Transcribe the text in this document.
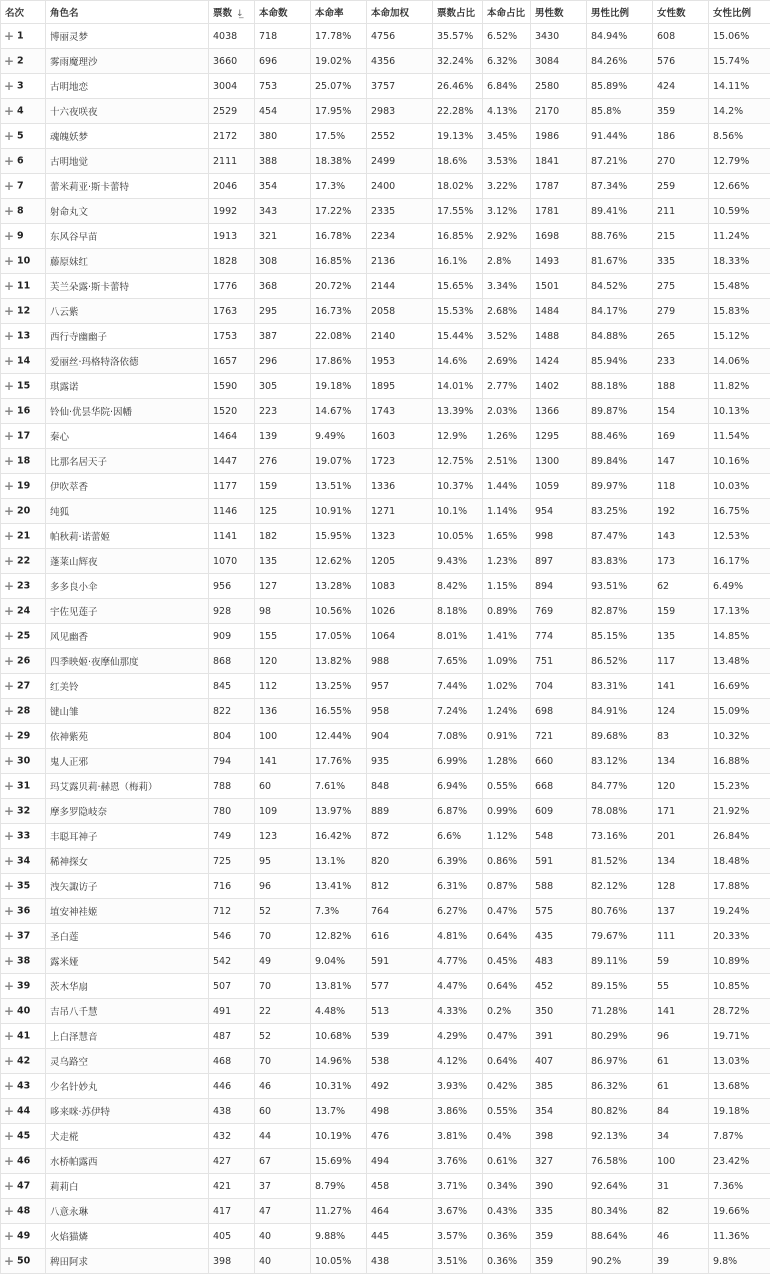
名次	角色名	票数 ↓̲	本命数	本命率	本命加权	票数占比	本命占比	男性数	男性比例	女性数	女性比例
+ 1	博丽灵梦	4038	718	17.78%	4756	35.57%	6.52%	3430	84.94%	608	15.06%
+ 2	雾雨魔理沙	3660	696	19.02%	4356	32.24%	6.32%	3084	84.26%	576	15.74%
+ 3	古明地恋	3004	753	25.07%	3757	26.46%	6.84%	2580	85.89%	424	14.11%
+ 4	十六夜咲夜	2529	454	17.95%	2983	22.28%	4.13%	2170	85.8%	359	14.2%
+ 5	魂魄妖梦	2172	380	17.5%	2552	19.13%	3.45%	1986	91.44%	186	8.56%
+ 6	古明地觉	2111	388	18.38%	2499	18.6%	3.53%	1841	87.21%	270	12.79%
+ 7	蕾米莉亚·斯卡蕾特	2046	354	17.3%	2400	18.02%	3.22%	1787	87.34%	259	12.66%
+ 8	射命丸文	1992	343	17.22%	2335	17.55%	3.12%	1781	89.41%	211	10.59%
+ 9	东风谷早苗	1913	321	16.78%	2234	16.85%	2.92%	1698	88.76%	215	11.24%
+ 10	藤原妹红	1828	308	16.85%	2136	16.1%	2.8%	1493	81.67%	335	18.33%
+ 11	芙兰朵露·斯卡蕾特	1776	368	20.72%	2144	15.65%	3.34%	1501	84.52%	275	15.48%
+ 12	八云紫	1763	295	16.73%	2058	15.53%	2.68%	1484	84.17%	279	15.83%
+ 13	西行寺幽幽子	1753	387	22.08%	2140	15.44%	3.52%	1488	84.88%	265	15.12%
+ 14	爱丽丝·玛格特洛依德	1657	296	17.86%	1953	14.6%	2.69%	1424	85.94%	233	14.06%
+ 15	琪露诺	1590	305	19.18%	1895	14.01%	2.77%	1402	88.18%	188	11.82%
+ 16	铃仙·优昙华院·因幡	1520	223	14.67%	1743	13.39%	2.03%	1366	89.87%	154	10.13%
+ 17	秦心	1464	139	9.49%	1603	12.9%	1.26%	1295	88.46%	169	11.54%
+ 18	比那名居天子	1447	276	19.07%	1723	12.75%	2.51%	1300	89.84%	147	10.16%
+ 19	伊吹萃香	1177	159	13.51%	1336	10.37%	1.44%	1059	89.97%	118	10.03%
+ 20	纯狐	1146	125	10.91%	1271	10.1%	1.14%	954	83.25%	192	16.75%
+ 21	帕秋莉·诺蕾姬	1141	182	15.95%	1323	10.05%	1.65%	998	87.47%	143	12.53%
+ 22	蓬莱山辉夜	1070	135	12.62%	1205	9.43%	1.23%	897	83.83%	173	16.17%
+ 23	多多良小伞	956	127	13.28%	1083	8.42%	1.15%	894	93.51%	62	6.49%
+ 24	宇佐见莲子	928	98	10.56%	1026	8.18%	0.89%	769	82.87%	159	17.13%
+ 25	风见幽香	909	155	17.05%	1064	8.01%	1.41%	774	85.15%	135	14.85%
+ 26	四季映姬·夜摩仙那度	868	120	13.82%	988	7.65%	1.09%	751	86.52%	117	13.48%
+ 27	红美铃	845	112	13.25%	957	7.44%	1.02%	704	83.31%	141	16.69%
+ 28	键山雏	822	136	16.55%	958	7.24%	1.24%	698	84.91%	124	15.09%
+ 29	依神紫苑	804	100	12.44%	904	7.08%	0.91%	721	89.68%	83	10.32%
+ 30	鬼人正邪	794	141	17.76%	935	6.99%	1.28%	660	83.12%	134	16.88%
+ 31	玛艾露贝莉·赫恩（梅莉）	788	60	7.61%	848	6.94%	0.55%	668	84.77%	120	15.23%
+ 32	摩多罗隐岐奈	780	109	13.97%	889	6.87%	0.99%	609	78.08%	171	21.92%
+ 33	丰聪耳神子	749	123	16.42%	872	6.6%	1.12%	548	73.16%	201	26.84%
+ 34	稀神探女	725	95	13.1%	820	6.39%	0.86%	591	81.52%	134	18.48%
+ 35	洩矢諏访子	716	96	13.41%	812	6.31%	0.87%	588	82.12%	128	17.88%
+ 36	埴安神袿姬	712	52	7.3%	764	6.27%	0.47%	575	80.76%	137	19.24%
+ 37	圣白莲	546	70	12.82%	616	4.81%	0.64%	435	79.67%	111	20.33%
+ 38	露米娅	542	49	9.04%	591	4.77%	0.45%	483	89.11%	59	10.89%
+ 39	茨木华扇	507	70	13.81%	577	4.47%	0.64%	452	89.15%	55	10.85%
+ 40	吉吊八千慧	491	22	4.48%	513	4.33%	0.2%	350	71.28%	141	28.72%
+ 41	上白泽慧音	487	52	10.68%	539	4.29%	0.47%	391	80.29%	96	19.71%
+ 42	灵乌路空	468	70	14.96%	538	4.12%	0.64%	407	86.97%	61	13.03%
+ 43	少名针妙丸	446	46	10.31%	492	3.93%	0.42%	385	86.32%	61	13.68%
+ 44	哆来咪·苏伊特	438	60	13.7%	498	3.86%	0.55%	354	80.82%	84	19.18%
+ 45	犬走椛	432	44	10.19%	476	3.81%	0.4%	398	92.13%	34	7.87%
+ 46	水桥帕露西	427	67	15.69%	494	3.76%	0.61%	327	76.58%	100	23.42%
+ 47	莉莉白	421	37	8.79%	458	3.71%	0.34%	390	92.64%	31	7.36%
+ 48	八意永琳	417	47	11.27%	464	3.67%	0.43%	335	80.34%	82	19.66%
+ 49	火焰猫燐	405	40	9.88%	445	3.57%	0.36%	359	88.64%	46	11.36%
+ 50	稗田阿求	398	40	10.05%	438	3.51%	0.36%	359	90.2%	39	9.8%
